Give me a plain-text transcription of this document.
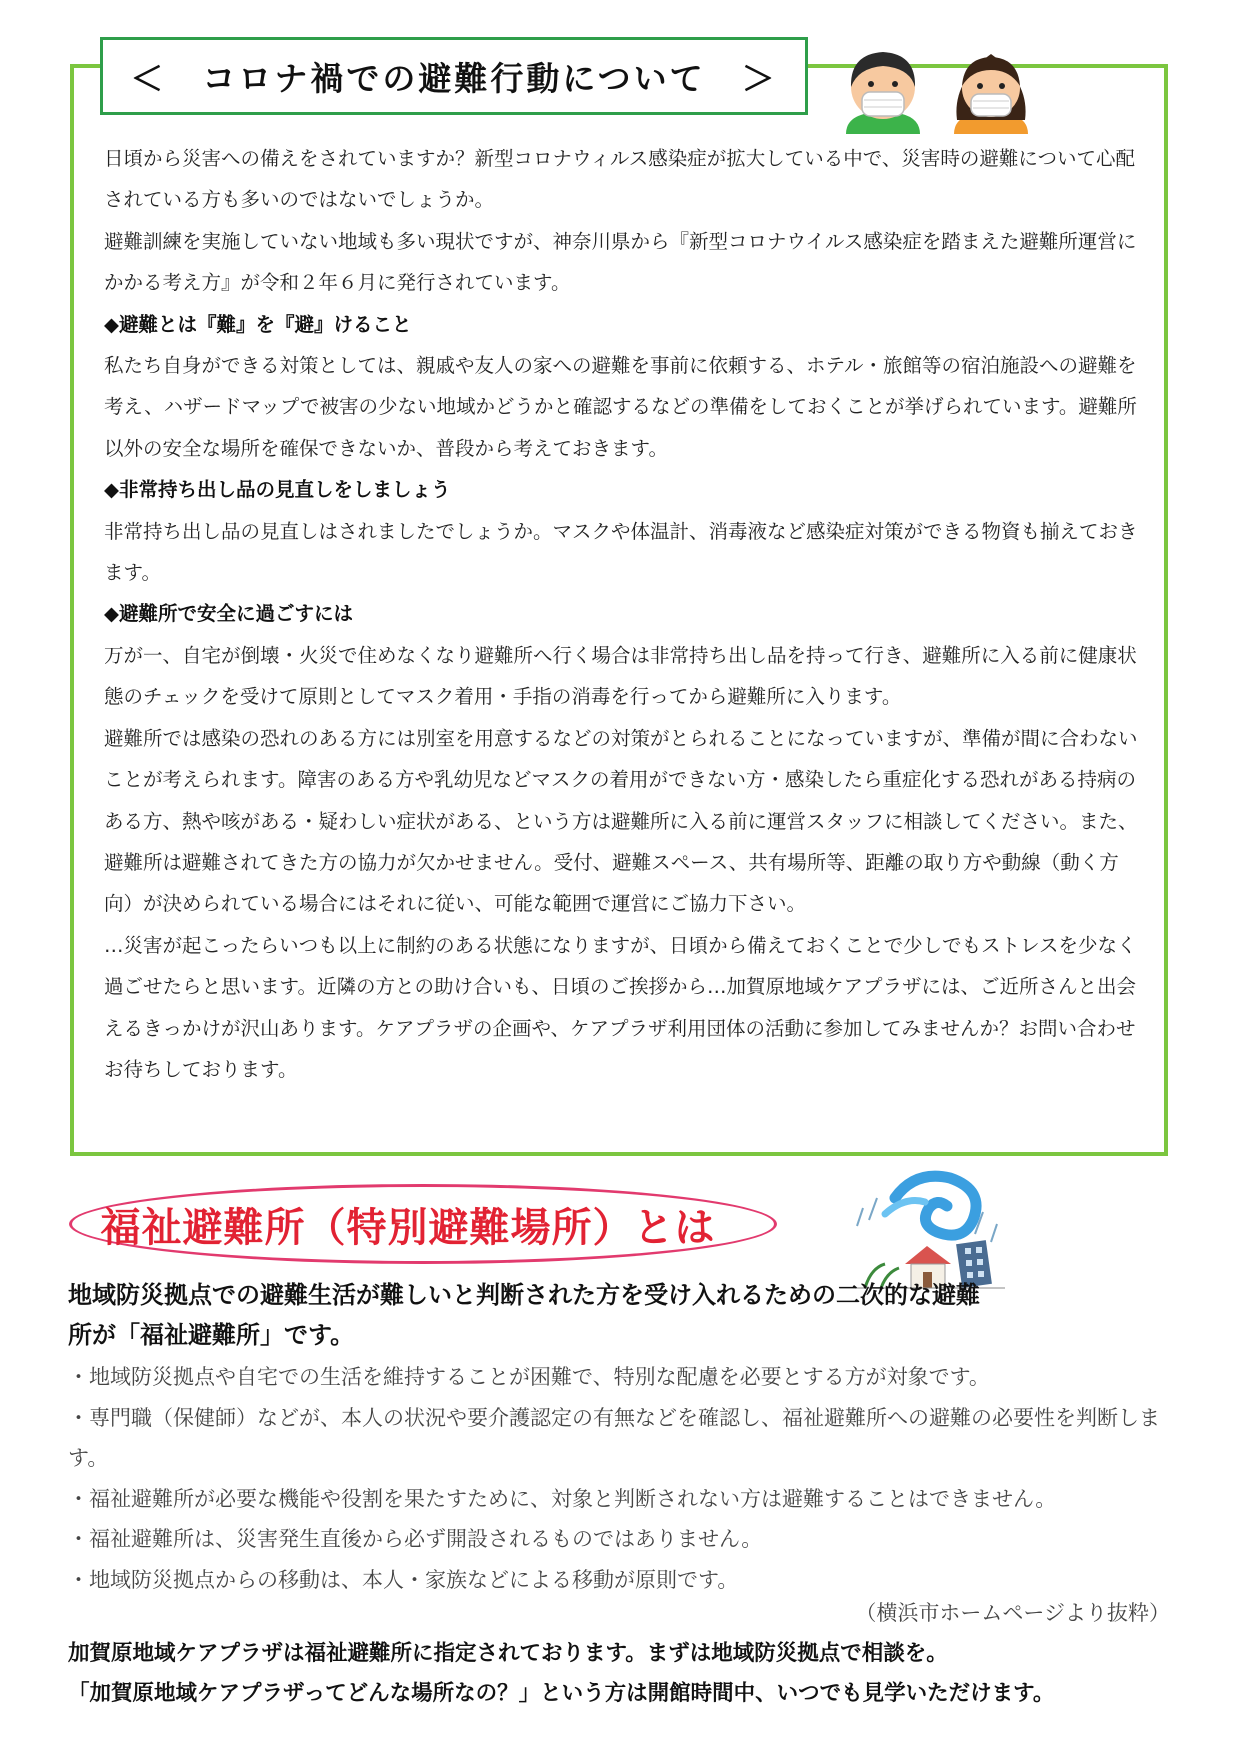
＜　コロナ禍での避難行動について　＞

日頃から災害への備えをされていますか？新型コロナウィルス感染症が拡大している中で、災害時の避難について心配されている方も多いのではないでしょうか。

避難訓練を実施していない地域も多い現状ですが、神奈川県から『新型コロナウイルス感染症を踏まえた避難所運営にかかる考え方』が令和２年６月に発行されています。

◆避難とは『難』を『避』けること

私たち自身ができる対策としては、親戚や友人の家への避難を事前に依頼する、ホテル・旅館等の宿泊施設への避難を考え、ハザードマップで被害の少ない地域かどうかと確認するなどの準備をしておくことが挙げられています。避難所以外の安全な場所を確保できないか、普段から考えておきます。

◆非常持ち出し品の見直しをしましょう

非常持ち出し品の見直しはされましたでしょうか。マスクや体温計、消毒液など感染症対策ができる物資も揃えておきます。

◆避難所で安全に過ごすには

万が一、自宅が倒壊・火災で住めなくなり避難所へ行く場合は非常持ち出し品を持って行き、避難所に入る前に健康状態のチェックを受けて原則としてマスク着用・手指の消毒を行ってから避難所に入ります。

避難所では感染の恐れのある方には別室を用意するなどの対策がとられることになっていますが、準備が間に合わないことが考えられます。障害のある方や乳幼児などマスクの着用ができない方・感染したら重症化する恐れがある持病のある方、熱や咳がある・疑わしい症状がある、という方は避難所に入る前に運営スタッフに相談してください。また、避難所は避難されてきた方の協力が欠かせません。受付、避難スペース、共有場所等、距離の取り方や動線（動く方向）が決められている場合にはそれに従い、可能な範囲で運営にご協力下さい。

…災害が起こったらいつも以上に制約のある状態になりますが、日頃から備えておくことで少しでもストレスを少なく過ごせたらと思います。近隣の方との助け合いも、日頃のご挨拶から…加賀原地域ケアプラザには、ご近所さんと出会えるきっかけが沢山あります。ケアプラザの企画や、ケアプラザ利用団体の活動に参加してみませんか？お問い合わせお待ちしております。

福祉避難所（特別避難場所）とは

地域防災拠点での避難生活が難しいと判断された方を受け入れるための二次的な避難

所が「福祉避難所」です。

・地域防災拠点や自宅での生活を維持することが困難で、特別な配慮を必要とする方が対象です。

・専門職（保健師）などが、本人の状況や要介護認定の有無などを確認し、福祉避難所への避難の必要性を判断します。

・福祉避難所が必要な機能や役割を果たすために、対象と判断されない方は避難することはできません。

・福祉避難所は、災害発生直後から必ず開設されるものではありません。

・地域防災拠点からの移動は、本人・家族などによる移動が原則です。

（横浜市ホームページより抜粋）

加賀原地域ケアプラザは福祉避難所に指定されております。まずは地域防災拠点で相談を。

「加賀原地域ケアプラザってどんな場所なの？」という方は開館時間中、いつでも見学いただけます。
